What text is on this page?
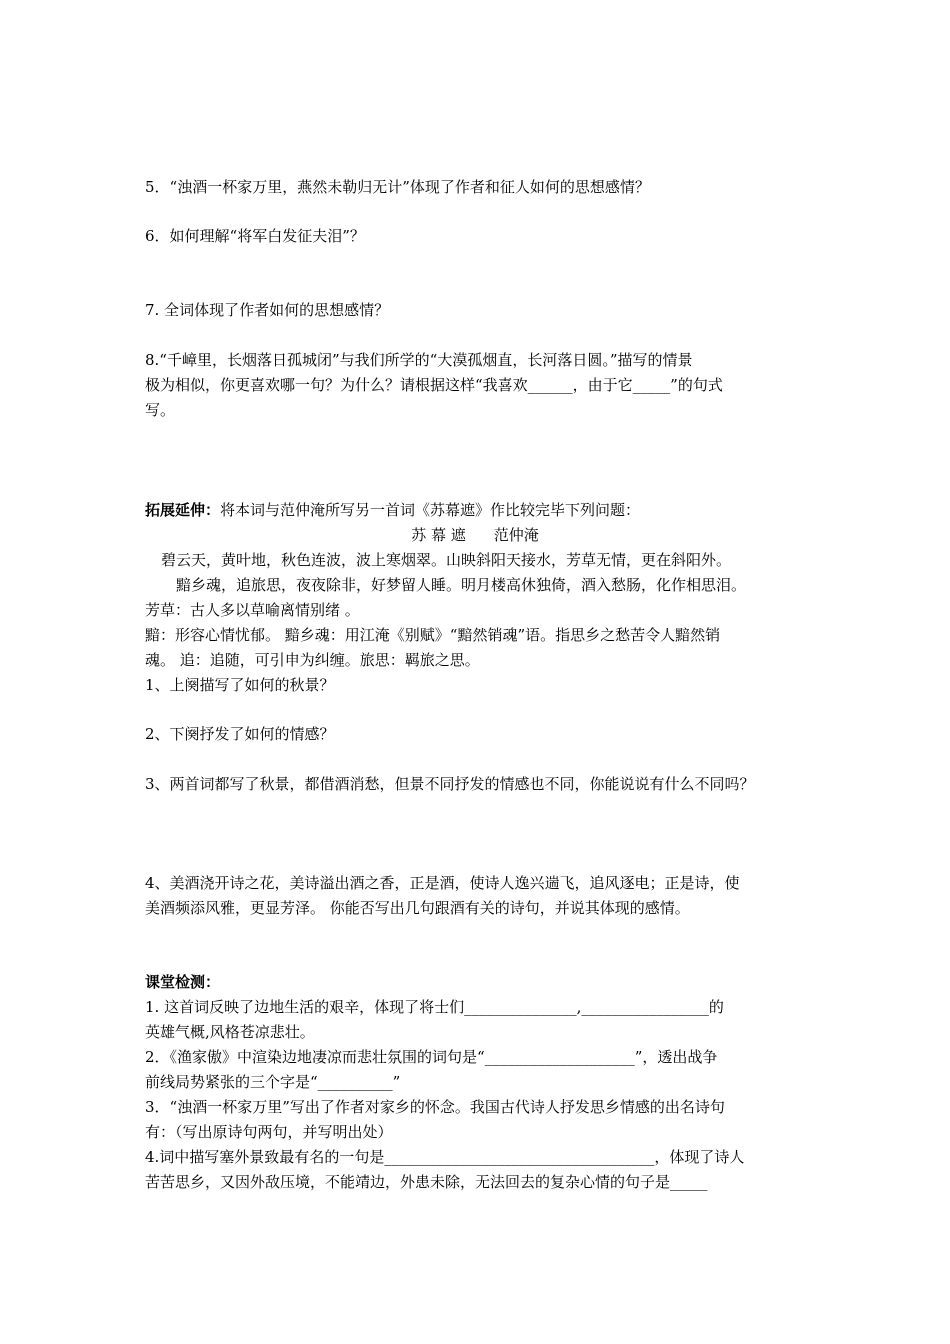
5．“浊酒一杯家万里，燕然未勒归无计”体现了作者和征人如何的思想感情？
6．如何理解“将军白发征夫泪”？
7. 全词体现了作者如何的思想感情？
8.“千嶂里，长烟落日孤城闭”与我们所学的“大漠孤烟直，长河落日圆。”描写的情景
极为相似，你更喜欢哪一句？为什么？请根据这样“我喜欢______，由于它_____”的句式
写。
拓展延伸：将本词与范仲淹所写另一首词《苏幕遮》作比较完毕下列问题：
苏 幕 遮 范仲淹
碧云天，黄叶地，秋色连波，波上寒烟翠。山映斜阳天接水，芳草无情，更在斜阳外。
黯乡魂，追旅思，夜夜除非，好梦留人睡。明月楼高休独倚，酒入愁肠，化作相思泪。
芳草：古人多以草喻离情别绪 。
黯：形容心情忧郁。 黯乡魂：用江淹《别赋》“黯然销魂”语。指思乡之愁苦令人黯然销
魂。 追：追随，可引申为纠缠。旅思：羁旅之思。
1、上阕描写了如何的秋景？
2、下阕抒发了如何的情感？
3、两首词都写了秋景，都借酒消愁，但景不同抒发的情感也不同，你能说说有什么不同吗？
4、美酒浇开诗之花，美诗溢出酒之香，正是酒，使诗人逸兴遄飞，追风逐电；正是诗，使
美酒频添风雅，更显芳泽。 你能否写出几句跟酒有关的诗句，并说其体现的感情。
课堂检测：
1. 这首词反映了边地生活的艰辛，体现了将士们_______________,_________________的
英雄气概,风格苍凉悲壮。
2．《渔家傲》中渲染边地凄凉而悲壮氛围的词句是“____________________”，透出战争
前线局势紧张的三个字是“__________”
3．“浊酒一杯家万里”写出了作者对家乡的怀念。我国古代诗人抒发思乡情感的出名诗句
有：（写出原诗句两句，并写明出处）
4.词中描写塞外景致最有名的一句是____________________________________，体现了诗人
苦苦思乡，又因外敌压境，不能靖边，外患未除，无法回去的复杂心情的句子是_____
